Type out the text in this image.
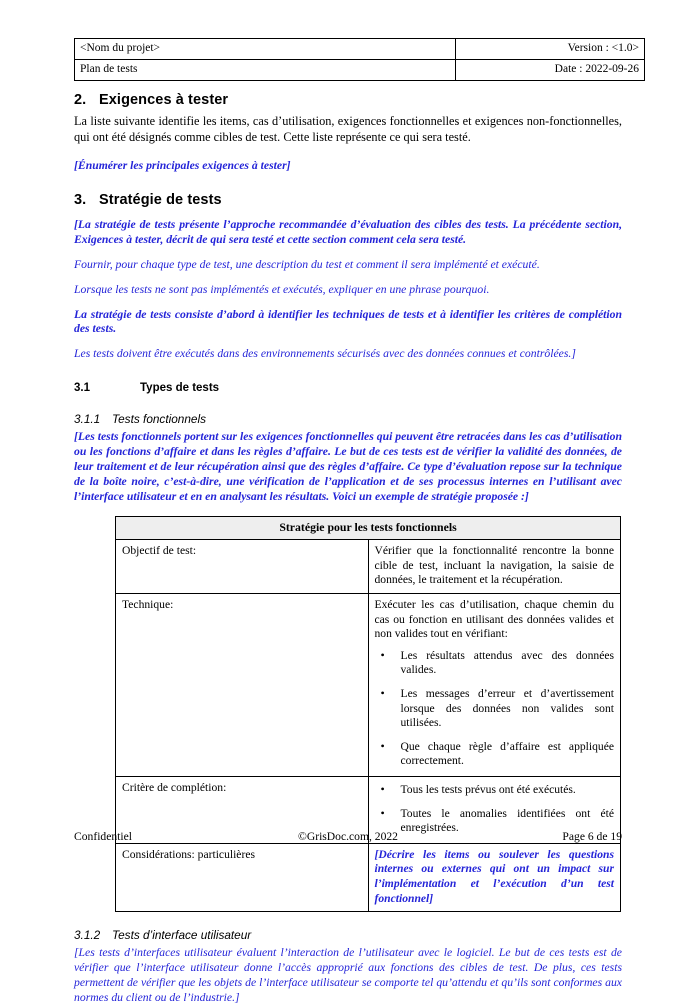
<Nom du projet>	Version : <1.0>
Plan de tests	Date : 2022-09-26
2. Exigences à tester

La liste suivante identifie les items, cas d’utilisation, exigences fonctionnelles et exigences non-fonctionnelles, qui ont été désignés comme cibles de test. Cette liste représente ce qui sera testé.

[Énumérer les principales exigences à tester]

3. Stratégie de tests

[La stratégie de tests présente l’approche recommandée d’évaluation des cibles des tests. La précédente section, Exigences à tester, décrit de qui sera testé et cette section comment cela sera testé.

Fournir, pour chaque type de test, une description du test et comment il sera implémenté et exécuté.

Lorsque les tests ne sont pas implémentés et exécutés, expliquer en une phrase pourquoi.

La stratégie de tests consiste d’abord à identifier les techniques de tests et à identifier les critères de complétion des tests.

Les tests doivent être exécutés dans des environnements sécurisés avec des données connues et contrôlées.]

3.1	Types de tests
3.1.1 Tests fonctionnels

[Les tests fonctionnels portent sur les exigences fonctionnelles qui peuvent être retracées dans les cas d’utilisation ou les fonctions d’affaire et dans les règles d’affaire. Le but de ces tests est de vérifier la validité des données, de leur traitement et de leur récupération ainsi que des règles d’affaire. Ce type d’évaluation repose sur la technique de la boîte noire, c’est-à-dire, une vérification de l’application et de ses processus internes en l’utilisant avec l’interface utilisateur et en en analysant les résultats. Voici un exemple de stratégie proposée :]

Stratégie pour les tests fonctionnels	
Objectif de test:	Vérifier que la fonctionnalité rencontre la bonne cible de test, incluant la navigation, la saisie de données, le traitement et la récupération.

Technique:	Exécuter les cas d’utilisation, chaque chemin du cas ou fonction en utilisant des données valides et non valides tout en vérifiant:
• Les résultats attendus avec des données valides.
• Les messages d’erreur et d’avertissement lorsque des données non valides sont utilisées.
• Que chaque règle d’affaire est appliquée correctement.

Critère de complétion:	
•Tous les tests prévus ont été exécutés.
• Toutes le anomalies identifiées ont été enregistrées.

Considérations: particulières	[Décrire les items ou soulever les questions internes ou externes qui ont un impact sur l’implémentation et l’exécution d’un test fonctionnel]
3.1.2 Tests d’interface utilisateur

[Les tests d’interfaces utilisateur évaluent l’interaction de l’utilisateur avec le logiciel. Le but de ces tests est de vérifier que l’interface utilisateur donne l’accès approprié aux fonctions des cibles de test. De plus, ces tests permettent de vérifier que les objets de l’interface utilisateur se comporte tel qu’attendu et qu’ils sont conformes aux normes du client ou de l’industrie.]

Confidentiel	©GrisDoc.com, 2022	Page 6 de 19
